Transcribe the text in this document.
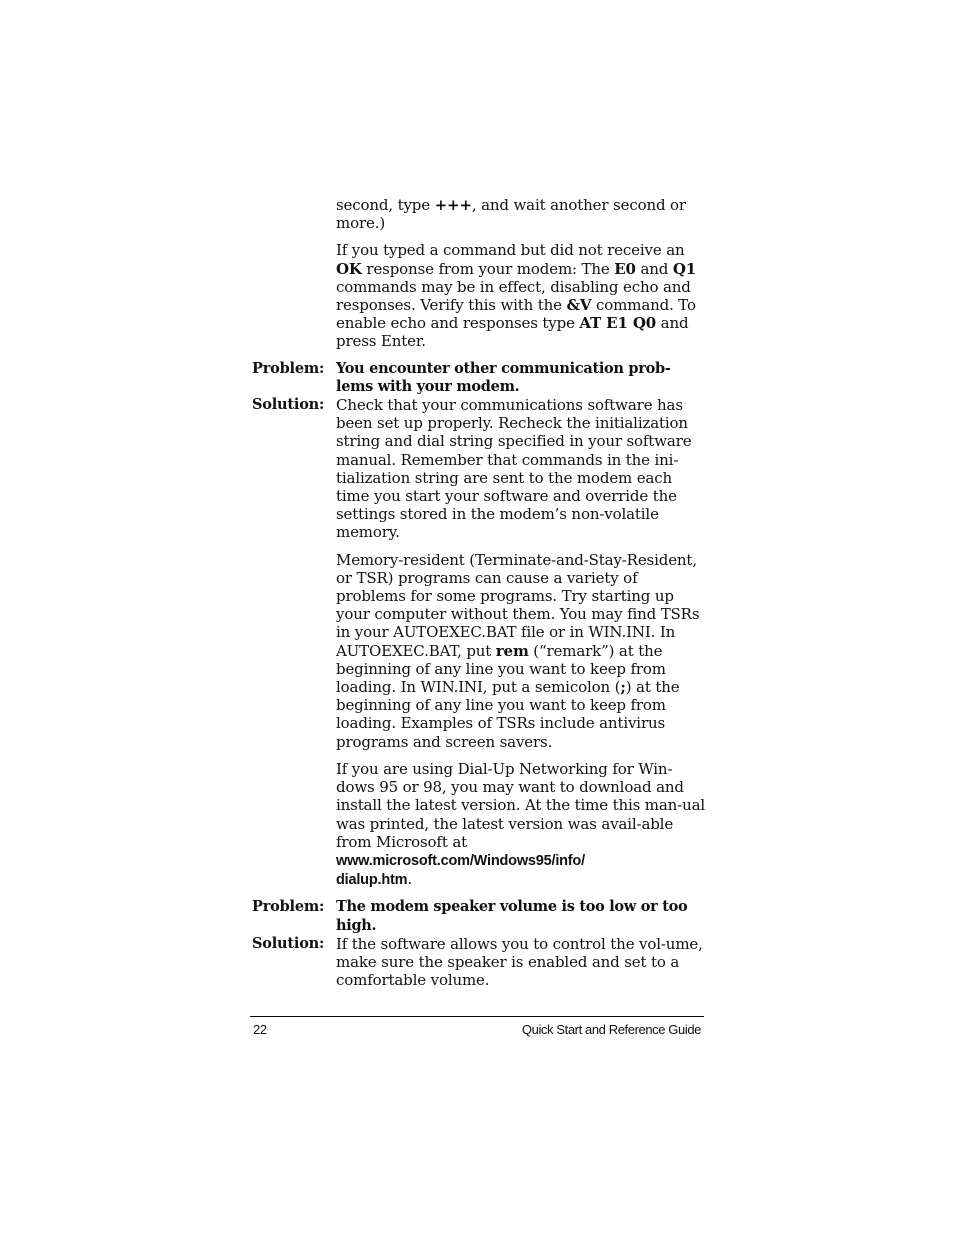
second, type +++, and wait another second or more.)

If you typed a command but did not receive an OK response from your modem: The E0 and Q1 commands may be in effect, disabling echo and responses. Verify this with the &V command. To enable echo and responses type AT E1 Q0 and press Enter.

Problem: You encounter other communication prob-lems with your modem.
Solution: Check that your communications software has been set up properly. Recheck the initialization string and dial string specified in your software manual. Remember that commands in the ini-tialization string are sent to the modem each time you start your software and override the settings stored in the modem’s non-volatile memory.

Memory-resident (Terminate-and-Stay-Resident, or TSR) programs can cause a variety of problems for some programs. Try starting up your computer without them. You may find TSRs in your AUTOEXEC.BAT file or in WIN.INI. In AUTOEXEC.BAT, put rem (“remark”) at the beginning of any line you want to keep from loading. In WIN.INI, put a semicolon (;) at the beginning of any line you want to keep from loading. Examples of TSRs include antivirus programs and screen savers.

If you are using Dial-Up Networking for Win-dows 95 or 98, you may want to download and install the latest version. At the time this man-ual was printed, the latest version was avail-able from Microsoft at
www.microsoft.com/Windows95/info/
dialup.htm.

Problem: The modem speaker volume is too low or too high.
Solution: If the software allows you to control the vol-ume, make sure the speaker is enabled and set to a comfortable volume.
22	Quick Start and Reference Guide
